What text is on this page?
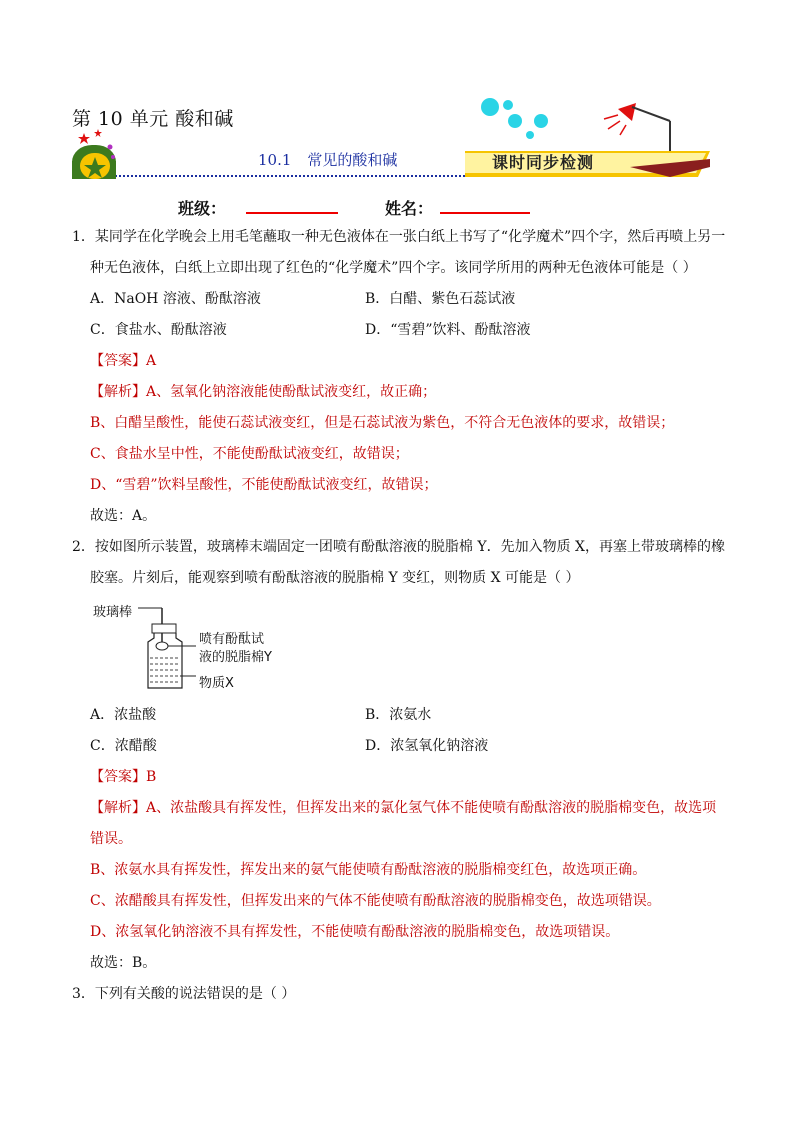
第 10 单元 酸和碱
10.1 常见的酸和碱	课时同步检测
班级：	姓名：
1．某同学在化学晚会上用毛笔蘸取一种无色液体在一张白纸上书写了“化学魔术”四个字，然后再喷上另一
种无色液体，白纸上立即出现了红色的“化学魔术”四个字。该同学所用的两种无色液体可能是（ ）
A．NaOH 溶液、酚酞溶液	B．白醋、紫色石蕊试液
C．食盐水、酚酞溶液	D．“雪碧”饮料、酚酞溶液
【答案】A
【解析】A、氢氧化钠溶液能使酚酞试液变红，故正确；
B、白醋呈酸性，能使石蕊试液变红，但是石蕊试液为紫色，不符合无色液体的要求，故错误；
C、食盐水呈中性，不能使酚酞试液变红，故错误；
D、“雪碧”饮料呈酸性，不能使酚酞试液变红，故错误；
故选：A。
2．按如图所示装置，玻璃棒末端固定一团喷有酚酞溶液的脱脂棉 Y．先加入物质 X，再塞上带玻璃棒的橡
胶塞。片刻后，能观察到喷有酚酞溶液的脱脂棉 Y 变红，则物质 X 可能是（ ）
玻璃棒
喷有酚酞试
液的脱脂棉Y
物质X
A．浓盐酸	B．浓氨水
C．浓醋酸	D．浓氢氧化钠溶液
【答案】B
【解析】A、浓盐酸具有挥发性，但挥发出来的氯化氢气体不能使喷有酚酞溶液的脱脂棉变色，故选项
错误。
B、浓氨水具有挥发性，挥发出来的氨气能使喷有酚酞溶液的脱脂棉变红色，故选项正确。
C、浓醋酸具有挥发性，但挥发出来的气体不能使喷有酚酞溶液的脱脂棉变色，故选项错误。
D、浓氢氧化钠溶液不具有挥发性，不能使喷有酚酞溶液的脱脂棉变色，故选项错误。
故选：B。
3．下列有关酸的说法错误的是（ ）
